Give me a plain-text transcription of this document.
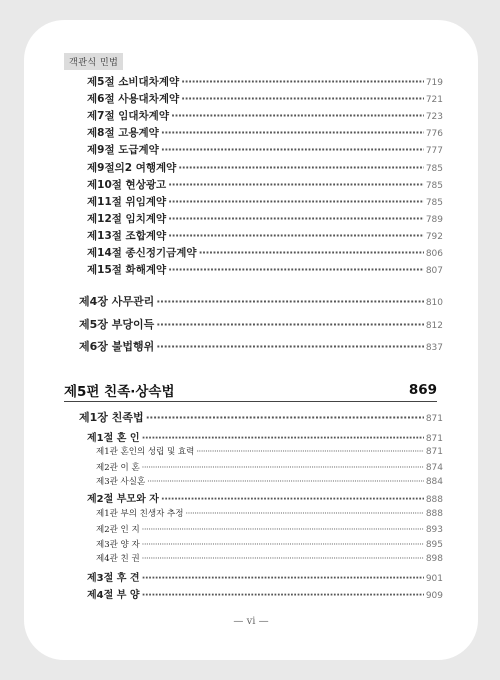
객관식 민법
제5절 소비대차계약 ·····	719
제6절 사용대차계약 ·····	721
제7절 임대차계약 ·····	723
제8절 고용계약 ·····	776
제9절 도급계약 ·····	777
제9절의2 여행계약 ·····	785
제10절 현상광고 ·····	785
제11절 위임계약 ·····	785
제12절 임치계약 ·····	789
제13절 조합계약 ·····	792
제14절 종신정기금계약 ·····	806
제15절 화해계약 ·····	807
제4장 사무관리 ·····	810
제5장 부당이득 ·····	812
제6장 불법행위 ·····	837
제1장 친족법 ·····	871
제1절 혼 인 ·····	871
제1관 혼인의 성립 및 효력 ·····	871
제2관 이 혼 ·····	874
제3관 사실혼 ·····	884
제2절 부모와 자 ·····	888
제1관 부의 친생자 추정 ·····	888
제2관 인 지 ·····	893
제3관 양 자 ·····	895
제4관 친 권 ·····	898
제3절 후 견 ·····	901
제4절 부 양 ·····	909
제5편 친족·상속법	869
— vi —
